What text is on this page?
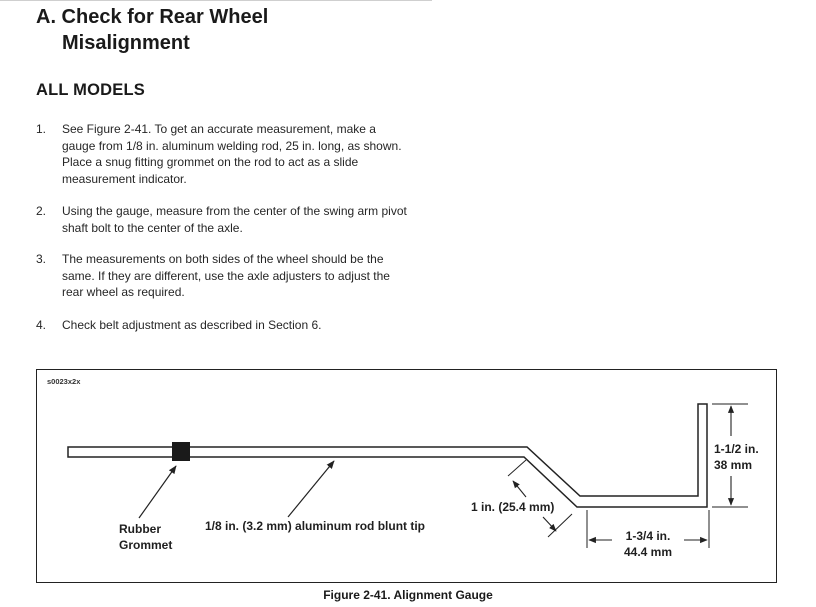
A. Check for Rear Wheel
Misalignment
ALL MODELS
1. See Figure 2-41. To get an accurate measurement, make a gauge from 1/8 in. aluminum welding rod, 25 in. long, as shown. Place a snug fitting grommet on the rod to act as a slide measurement indicator.
2. Using the gauge, measure from the center of the swing arm pivot shaft bolt to the center of the axle.
3. The measurements on both sides of the wheel should be the same. If they are different, use the axle adjusters to adjust the rear wheel as required.
4. Check belt adjustment as described in Section 6.
s0023x2x
Rubber
Grommet
1/8 in. (3.2 mm) aluminum rod blunt tip
1 in. (25.4 mm)
1-3/4 in.
44.4 mm
1-1/2 in.
38 mm
Figure 2-41. Alignment Gauge
